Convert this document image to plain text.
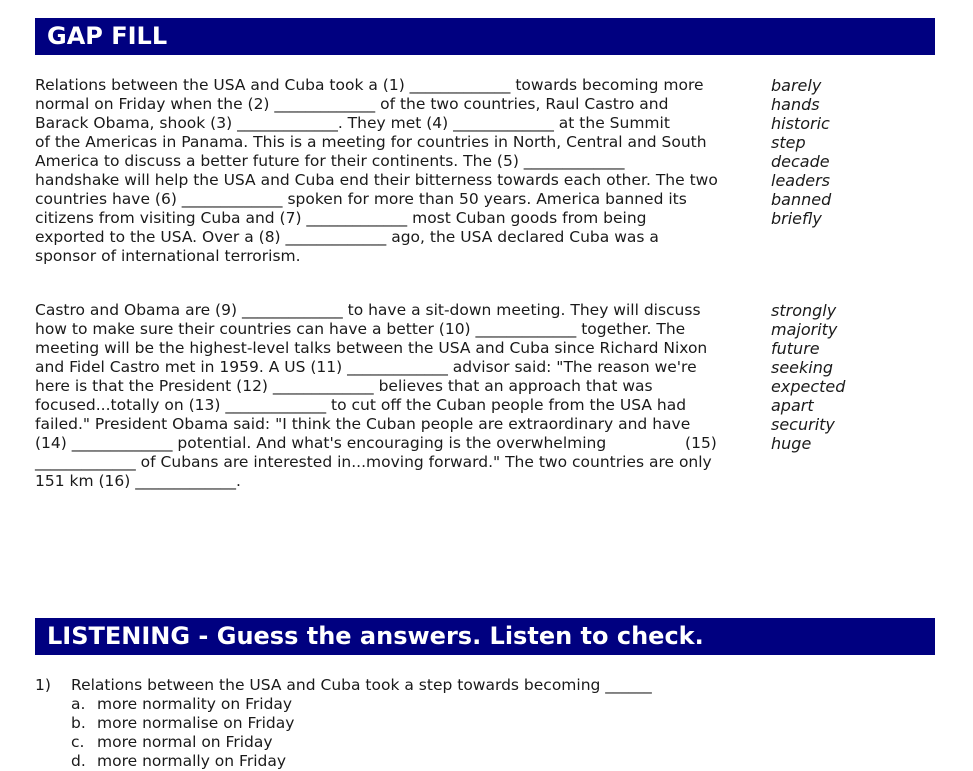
GAP FILL
Relations between the USA and Cuba took a (1) _____________ towards becoming more
normal on Friday when the (2) _____________ of the two countries, Raul Castro and
Barack Obama, shook (3) _____________. They met (4) _____________ at the Summit
of the Americas in Panama. This is a meeting for countries in North, Central and South
America to discuss a better future for their continents. The (5) _____________
handshake will help the USA and Cuba end their bitterness towards each other. The two
countries have (6) _____________ spoken for more than 50 years. America banned its
citizens from visiting Cuba and (7) _____________ most Cuban goods from being
exported to the USA. Over a (8) _____________ ago, the USA declared Cuba was a
sponsor of international terrorism.
barely
hands
historic
step
decade
leaders
banned
briefly
Castro and Obama are (9) _____________ to have a sit-down meeting. They will discuss
how to make sure their countries can have a better (10) _____________ together. The
meeting will be the highest-level talks between the USA and Cuba since Richard Nixon
and Fidel Castro met in 1959. A US (11) _____________ advisor said: "The reason we're
here is that the President (12) _____________ believes that an approach that was
focused...totally on (13) _____________ to cut off the Cuban people from the USA had
failed." President Obama said: "I think the Cuban people are extraordinary and have
(14) _____________ potential. And what's encouraging is the overwhelming                (15)
_____________ of Cubans are interested in...moving forward." The two countries are only
151 km (16) _____________.
strongly
majority
future
seeking
expected
apart
security
huge
LISTENING - Guess the answers. Listen to check.
1) Relations between the USA and Cuba took a step towards becoming ______
a. more normality on Friday
b. more normalise on Friday
c. more normal on Friday
d. more normally on Friday
